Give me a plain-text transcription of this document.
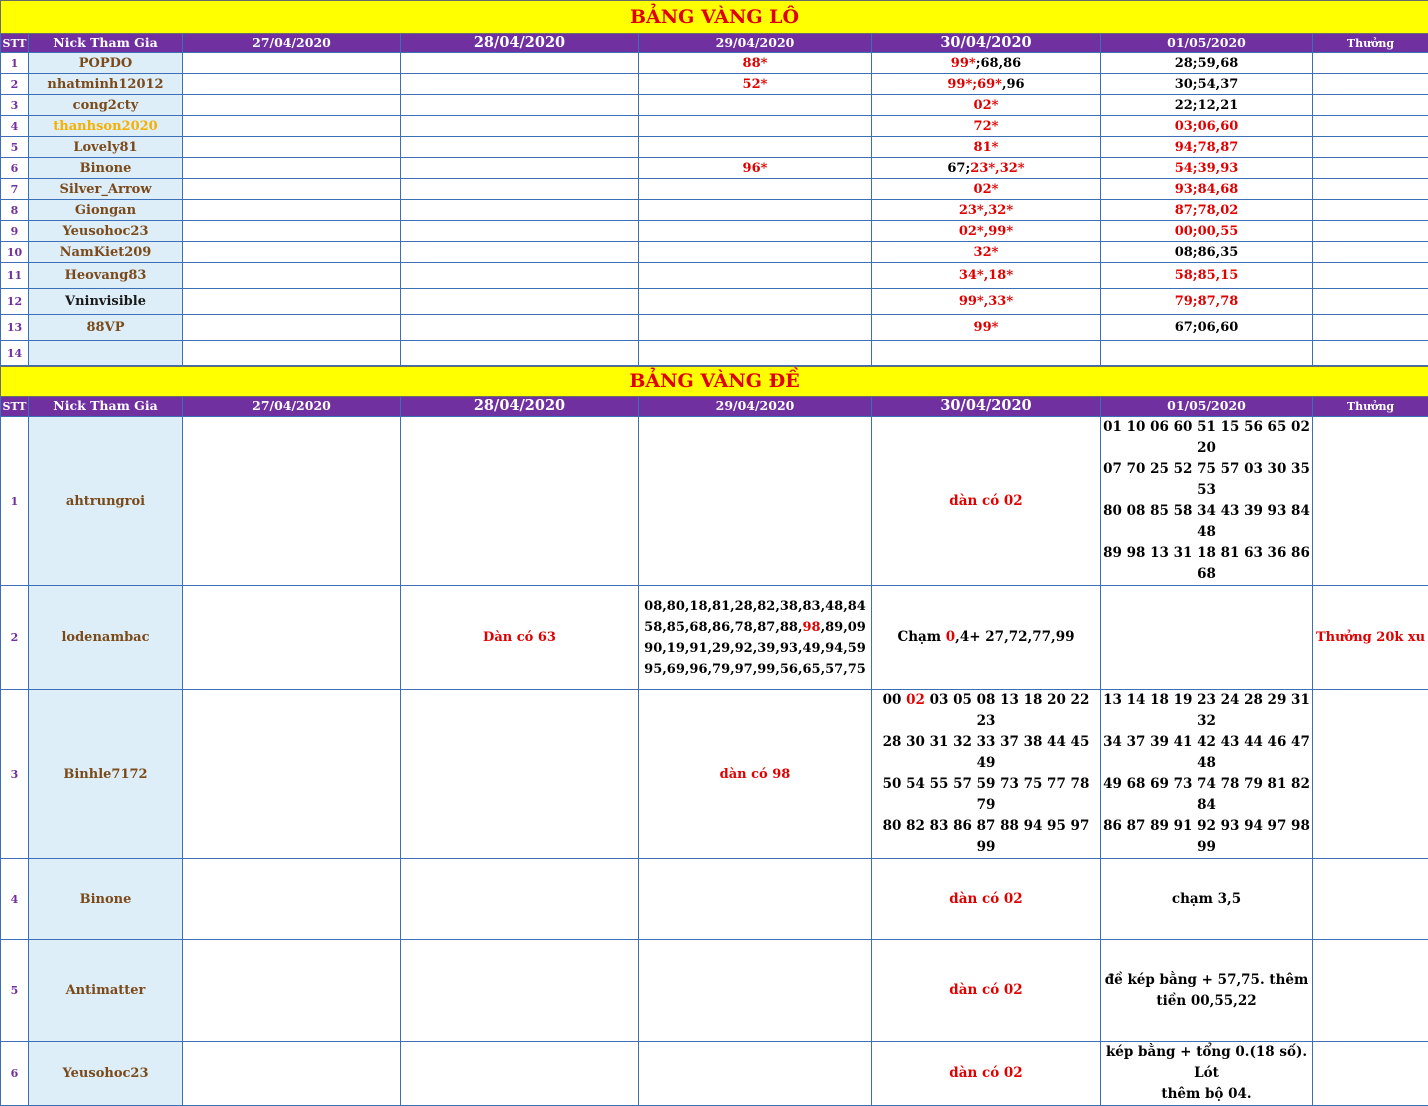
BẢNG VÀNG LÔ							
STT	Nick Tham Gia	27/04/2020	28/04/2020	29/04/2020	30/04/2020	01/05/2020	Thưởng
1	POPDO			88*	99*;68,86	28;59,68	
2	nhatminh12012			52*	99*;69*,96	30;54,37	
3	cong2cty				02*	22;12,21	
4	thanhson2020				72*	03;06,60	
5	Lovely81				81*	94;78,87	
6	Binone			96*	67;23*,32*	54;39,93	
7	Silver_Arrow				02*	93;84,68	
8	Giongan				23*,32*	87;78,02	
9	Yeusohoc23				02*,99*	00;00,55	
10	NamKiet209				32*	08;86,35	
11	Heovang83				34*,18*	58;85,15	
12	Vninvisible				99*,33*	79;87,78	
13	88VP				99*	67;06,60	
14							
BẢNG VÀNG ĐỀ							
STT	Nick Tham Gia	27/04/2020	28/04/2020	29/04/2020	30/04/2020	01/05/2020	Thưởng
1	ahtrungroi				dàn có 02	01 10 06 60 51 15 56 65 02 20
07 70 25 52 75 57 03 30 35 53
80 08 85 58 34 43 39 93 84 48
89 98 13 31 18 81 63 36 86 68	
2	lodenambac		Dàn có 63	08,80,18,81,28,82,38,83,48,84
58,85,68,86,78,87,88,98,89,09
90,19,91,29,92,39,93,49,94,59
95,69,96,79,97,99,56,65,57,75	Chạm 0,4+ 27,72,77,99		Thưởng 20k xu
3	Binhle7172			dàn có 98	00 02 03 05 08 13 18 20 22 23
28 30 31 32 33 37 38 44 45 49
50 54 55 57 59 73 75 77 78 79
80 82 83 86 87 88 94 95 97 99	13 14 18 19 23 24 28 29 31 32
34 37 39 41 42 43 44 46 47 48
49 68 69 73 74 78 79 81 82 84
86 87 89 91 92 93 94 97 98 99	
4	Binone				dàn có 02	chạm 3,5	
5	Antimatter				dàn có 02	đề kép bằng + 57,75. thêm
tiền 00,55,22	
6	Yeusohoc23				dàn có 02	kép bằng + tổng 0.(18 số). Lót
thêm bộ 04.	
